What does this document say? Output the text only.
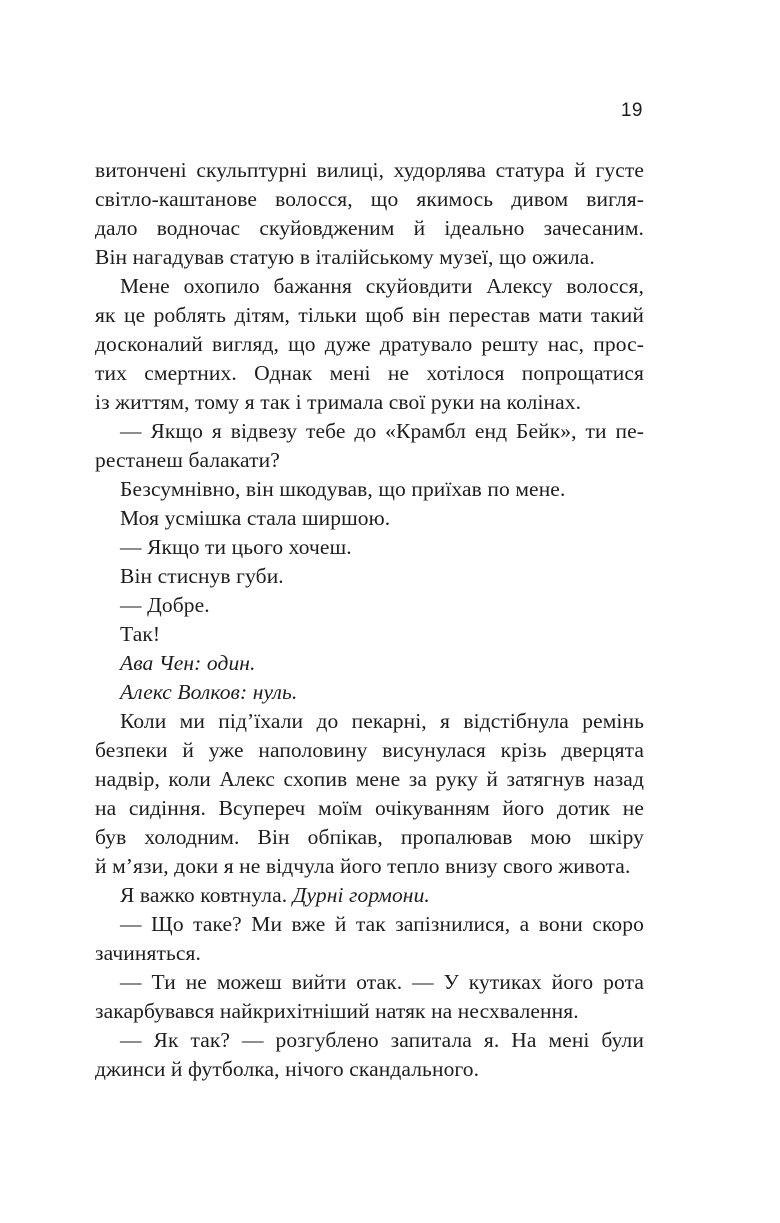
19
витончені скульптурні вилиці, худорлява статура й густе
світло-каштанове волосся, що якимось дивом вигля-
дало водночас скуйовдженим й ідеально зачесаним.
Він нагадував статую в італійському музеї, що ожила.
Мене охопило бажання скуйовдити Алексу волосся,
як це роблять дітям, тільки щоб він перестав мати такий
досконалий вигляд, що дуже дратувало решту нас, прос-
тих смертних. Однак мені не хотілося попрощатися
із життям, тому я так і тримала свої руки на колінах.
— Якщо я відвезу тебе до «Крамбл енд Бейк», ти пе-
рестанеш балакати?
Безсумнівно, він шкодував, що приїхав по мене.
Моя усмішка стала ширшою.
— Якщо ти цього хочеш.
Він стиснув губи.
— Добре.
Так!
Ава Чен: один.
Алекс Волков: нуль.
Коли ми під’їхали до пекарні, я відстібнула ремінь
безпеки й уже наполовину висунулася крізь дверцята
надвір, коли Алекс схопив мене за руку й затягнув назад
на сидіння. Всупереч моїм очікуванням його дотик не
був холодним. Він обпікав, пропалював мою шкіру
й м’язи, доки я не відчула його тепло внизу свого живота.
Я важко ковтнула. Дурні гормони.
— Що таке? Ми вже й так запізнилися, а вони скоро
зачиняться.
— Ти не можеш вийти отак. — У кутиках його рота
закарбувався найкрихітніший натяк на несхвалення.
— Як так? — розгублено запитала я. На мені були
джинси й футболка, нічого скандального.
